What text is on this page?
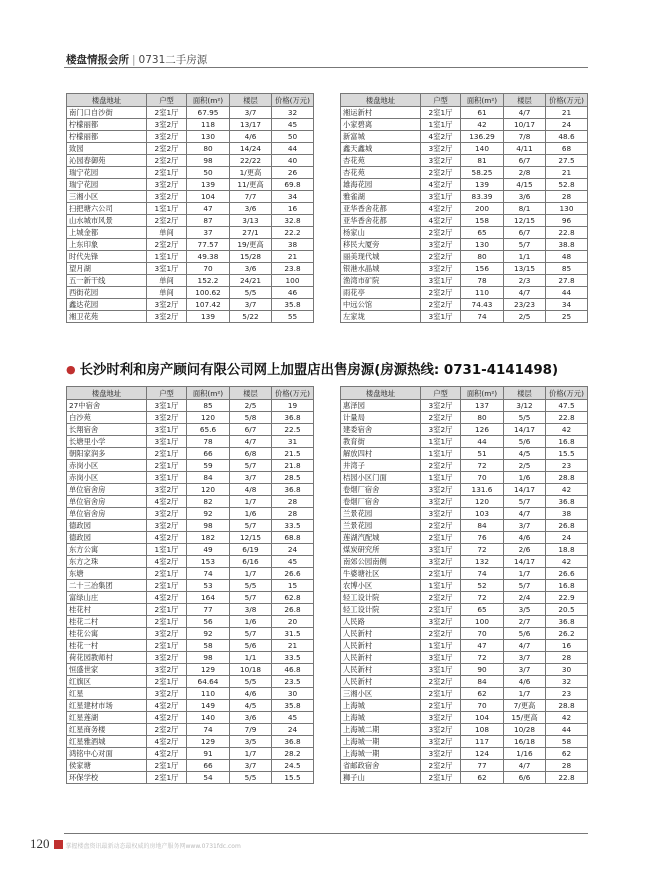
楼盘情报会所 | 0731二手房源
楼盘地址	户型	面积(m²)	楼层	价格(万元)
南门口自沙街	2室1厅	67.95	3/7	32
柠檬丽都	3室2厅	118	13/17	45
柠檬丽都	3室2厅	130	4/6	50
致园	2室2厅	80	14/24	44
沁园春御苑	2室2厅	98	22/22	40
瑞宁花园	2室1厅	50	1/更高	26
瑞宁花园	3室2厅	139	11/更高	69.8
三湘小区	3室2厅	104	7/7	34
扫把塘六公司	1室1厅	47	3/6	16
山水城市风景	2室2厅	87	3/13	32.8
上城金都	单间	37	27/1	22.2
上东印象	2室2厅	77.57	19/更高	38
时代先锋	1室1厅	49.38	15/28	21
望月湖	3室1厅	70	3/6	23.8
五一新干线	单间	152.2	24/21	100
西街花园	单间	100.62	5/5	46
鑫达花园	3室2厅	107.42	3/7	35.8
湘卫花苑	3室2厅	139	5/22	55
楼盘地址	户型	面积(m²)	楼层	价格(万元)
湘运新村	2室1厅	61	4/7	21
小家碧离	1室1厅	42	10/17	24
新富城	4室2厅	136.29	7/8	48.6
鑫天鑫城	3室2厅	140	4/11	68
杏花苑	3室2厅	81	6/7	27.5
杏花苑	2室2厅	58.25	2/8	21
雄海花园	4室2厅	139	4/15	52.8
雅雀湖	3室1厅	83.39	3/6	28
亚华香舍花都	4室2厅	200	8/1	130
亚华香舍花都	4室2厅	158	12/15	96
杨家山	2室2厅	65	6/7	22.8
移民大厦旁	3室2厅	130	5/7	38.8
丽美现代城	2室2厅	80	1/1	48
银港水晶城	3室2厅	156	13/15	85
渔湾市矿院	3室1厅	78	2/3	27.8
雨花亭	2室2厅	110	4/7	44
中远公馆	2室2厅	74.43	23/23	34
左家垅	3室1厅	74	2/5	25
● 长沙时利和房产顾问有限公司网上加盟店出售房源(房源热线: 0731-4141498)
楼盘地址	户型	面积(m²)	楼层	价格(万元)
27中宿舍	3室1厅	85	2/5	19
白沙苑	3室2厅	120	5/8	36.8
长翔宿舍	3室1厅	65.6	6/7	22.5
长塘里小学	3室1厅	78	4/7	31
朝阳家润多	2室1厅	66	6/8	21.5
赤岗小区	2室1厅	59	5/7	21.8
赤岗小区	3室1厅	84	3/7	28.5
单位宿舍房	3室2厅	120	4/8	36.8
单位宿舍房	4室2厅	82	1/7	28
单位宿舍房	3室2厅	92	1/6	28
德政园	3室2厅	98	5/7	33.5
德政园	4室2厅	182	12/15	68.8
东方公寓	1室1厅	49	6/19	24
东方之珠	4室2厅	153	6/16	45
东塘	2室1厅	74	1/7	26.6
二十三冶集团	2室1厅	53	5/5	15
富绿山庄	4室2厅	164	5/7	62.8
桂花村	2室1厅	77	3/8	26.8
桂花二村	2室1厅	56	1/6	20
桂花公寓	3室2厅	92	5/7	31.5
桂花一村	2室1厅	58	5/6	21
荷花园教师村	3室2厅	98	1/1	33.5
恒盛世家	3室2厅	129	10/18	46.8
红旗区	2室1厅	64.64	5/5	23.5
红星	3室2厅	110	4/6	30
红星建材市场	4室2厅	149	4/5	35.8
红星莲湖	4室2厅	140	3/6	45
红星商务楼	2室2厅	74	7/9	24
红星雅酒城	4室2厅	129	3/5	36.8
鸿铭中心对面	4室2厅	91	1/7	28.2
侯家塘	2室1厅	66	3/7	24.5
环保学校	2室1厅	54	5/5	15.5
楼盘地址	户型	面积(m²)	楼层	价格(万元)
惠泽园	3室2厅	137	3/12	47.5
计量局	2室2厅	80	5/5	22.8
建委宿舍	3室2厅	126	14/17	42
教育街	1室1厅	44	5/6	16.8
解放四村	1室1厅	51	4/5	15.5
井湾子	2室2厅	72	2/5	23
桔园小区门面	1室1厅	70	1/6	28.8
卷烟厂宿舍	3室2厅	131.6	14/17	42
卷烟厂宿舍	3室2厅	120	5/7	36.8
兰景花园	3室2厅	103	4/7	38
兰景花园	2室2厅	84	3/7	26.8
莲湖汽配城	2室1厅	76	4/6	24
煤炭研究所	3室1厅	72	2/6	18.8
南郊公园南侧	3室2厅	132	14/17	42
牛婆塘社区	2室1厅	74	1/7	26.6
农博小区	1室1厅	52	5/7	16.8
轻工设计院	2室2厅	72	2/4	22.9
轻工设计院	2室1厅	65	3/5	20.5
人民路	3室2厅	100	2/7	36.8
人民新村	2室2厅	70	5/6	26.2
人民新村	1室1厅	47	4/7	16
人民新村	3室1厅	72	3/7	28
人民新村	3室1厅	90	3/7	30
人民新村	2室2厅	84	4/6	32
三湘小区	2室1厅	62	1/7	23
上海城	2室1厅	70	7/更高	28.8
上海城	3室2厅	104	15/更高	42
上海城二期	3室2厅	108	10/28	44
上海城一期	3室2厅	117	16/18	58
上海城一期	3室2厅	124	1/16	62
省邮政宿舍	2室2厅	77	4/7	28
狮子山	2室1厅	62	6/6	22.8
120	掌握楼盘资讯最新动态最权威的房地产服务网www.0731fdc.com
